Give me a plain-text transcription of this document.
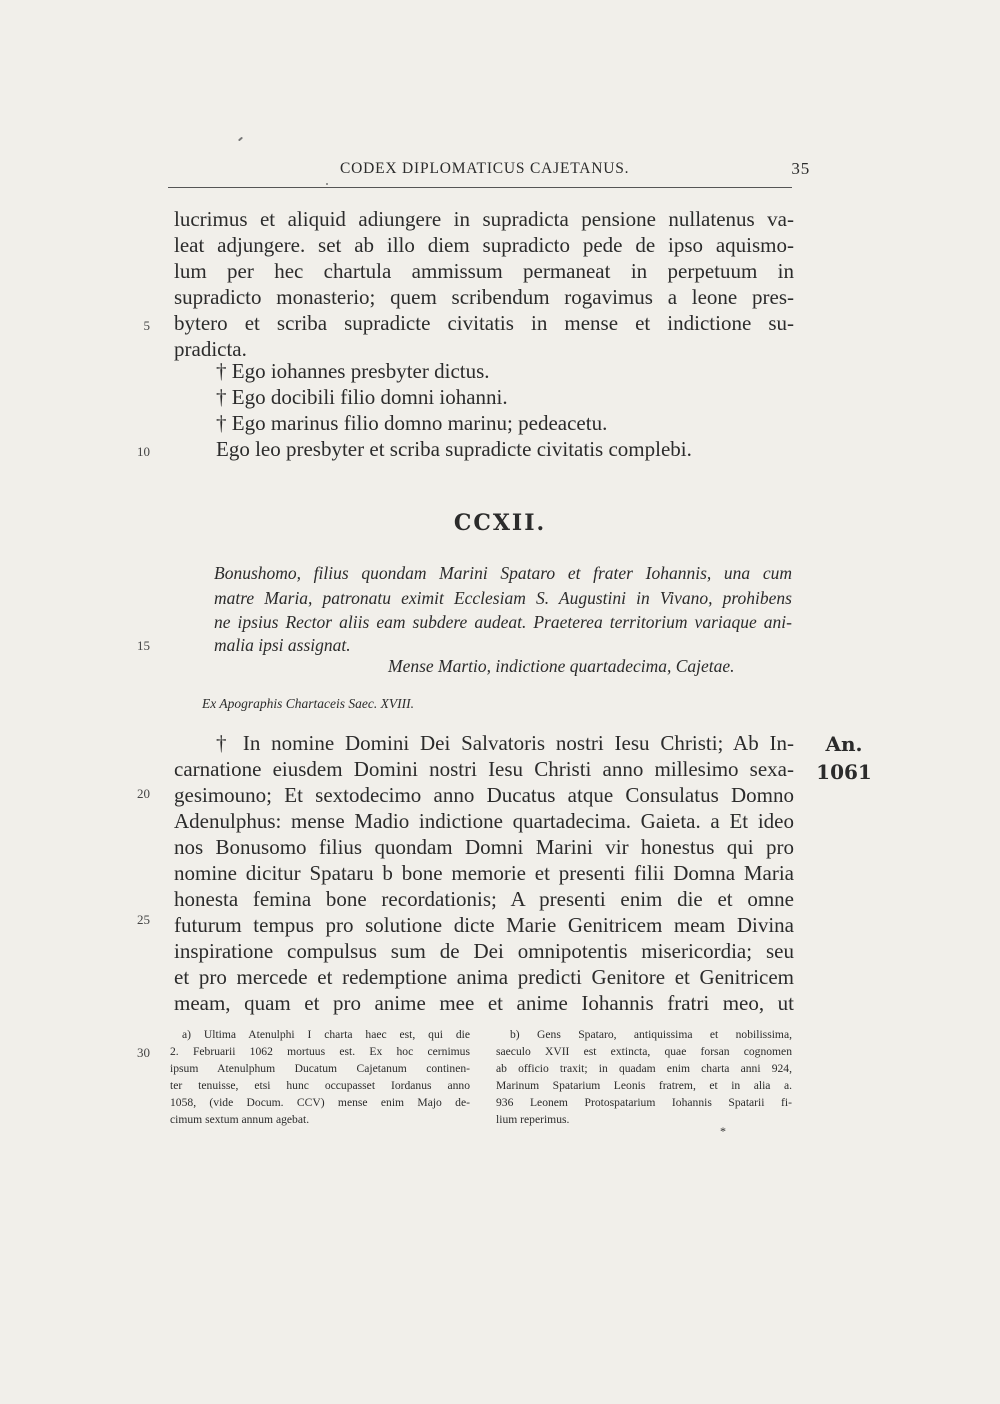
CODEX DIPLOMATICUS CAJETANUS.	35
lucrimus et aliquid adiungere in supradicta pensione nullatenus va-
leat adjungere. set ab illo diem supradicto pede de ipso aquismo-
lum per hec chartula ammissum permaneat in perpetuum in
supradicto monasterio; quem scribendum rogavimus a leone pres-
bytero et scriba supradicte civitatis in mense et indictione su-
pradicta.
† Ego iohannes presbyter dictus.
† Ego docibili filio domni iohanni.
† Ego marinus filio domno marinu; pedeacetu.
Ego leo presbyter et scriba supradicte civitatis complebi.
5
10
15
20
25
30
CCXII.
Bonushomo, filius quondam Marini Spataro et frater Iohannis, una cum
matre Maria, patronatu eximit Ecclesiam S. Augustini in Vivano, prohibens
ne ipsius Rector aliis eam subdere audeat. Praeterea territorium variaque ani-
malia ipsi assignat.
Mense Martio, indictione quartadecima, Cajetae.
Ex Apographis Chartaceis Saec. XVIII.
An.
1061
† In nomine Domini Dei Salvatoris nostri Iesu Christi; Ab In-
carnatione eiusdem Domini nostri Iesu Christi anno millesimo sexa-
gesimouno; Et sextodecimo anno Ducatus atque Consulatus Domno
Adenulphus: mense Madio indictione quartadecima. Gaieta. a Et ideo
nos Bonusomo filius quondam Domni Marini vir honestus qui pro
nomine dicitur Spataru b bone memorie et presenti filii Domna Maria
honesta femina bone recordationis; A presenti enim die et omne
futurum tempus pro solutione dicte Marie Genitricem meam Divina
inspiratione compulsus sum de Dei omnipotentis misericordia; seu
et pro mercede et redemptione anima predicti Genitore et Genitricem
meam, quam et pro anime mee et anime Iohannis fratri meo, ut
a) Ultima Atenulphi I charta haec est, qui die
2. Februarii 1062 mortuus est. Ex hoc cernimus
ipsum Atenulphum Ducatum Cajetanum continen-
ter tenuisse, etsi hunc occupasset Iordanus anno
1058, (vide Docum. CCV) mense enim Majo de-
cimum sextum annum agebat.
b) Gens Spataro, antiquissima et nobilissima,
saeculo XVII est extincta, quae forsan cognomen
ab officio traxit; in quadam enim charta anni 924,
Marinum Spatarium Leonis fratrem, et in alia a.
936 Leonem Protospatarium Iohannis Spatarii fi-
lium reperimus.
*
